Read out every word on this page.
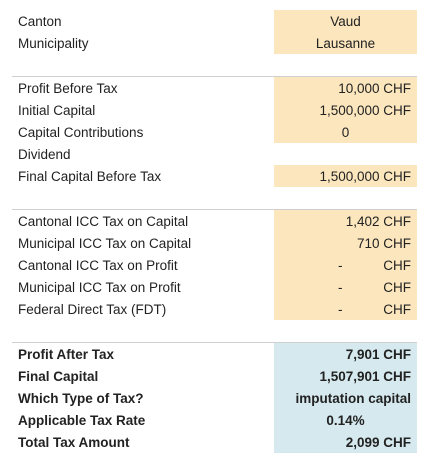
Canton	Vaud
Municipality	Lausanne
Profit Before Tax	10,000 CHF
Initial Capital	1,500,000 CHF
Capital Contributions	0
Dividend
Final Capital Before Tax	1,500,000 CHF
Cantonal ICC Tax on Capital	1,402 CHF
Municipal ICC Tax on Capital	710 CHF
Cantonal ICC Tax on Profit	-	CHF
Municipal ICC Tax on Profit	-	CHF
Federal Direct Tax (FDT)	-	CHF
Profit After Tax	7,901 CHF
Final Capital	1,507,901 CHF
Which Type of Tax?	imputation capital
Applicable Tax Rate	0.14%
Total Tax Amount	2,099 CHF
